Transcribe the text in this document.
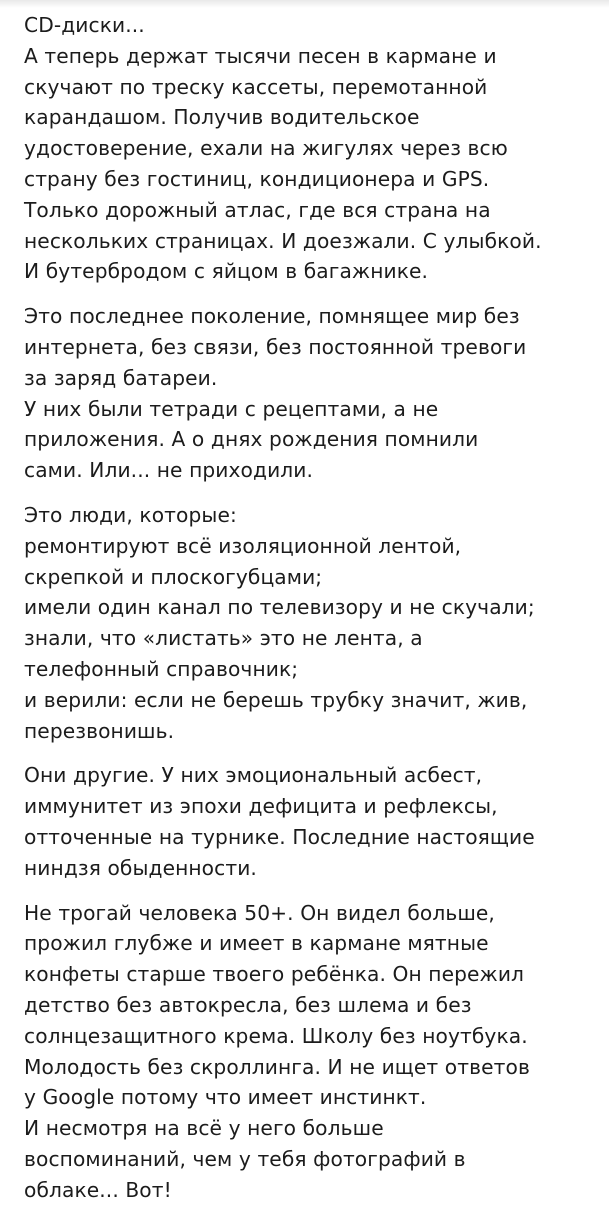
CD-диски...
А теперь держат тысячи песен в кармане и
скучают по треску кассеты, перемотанной
карандашом. Получив водительское
удостоверение, ехали на жигулях через всю
страну без гостиниц, кондиционера и GPS.
Только дорожный атлас, где вся страна на
нескольких страницах. И доезжали. С улыбкой.
И бутербродом с яйцом в багажнике.
Это последнее поколение, помнящее мир без
интернета, без связи, без постоянной тревоги
за заряд батареи.
У них были тетради с рецептами, а не
приложения. А о днях рождения помнили
сами. Или... не приходили.
Это люди, которые:
ремонтируют всё изоляционной лентой,
скрепкой и плоскогубцами;
имели один канал по телевизору и не скучали;
знали, что «листать» это не лента, а
телефонный справочник;
и верили: если не берешь трубку значит, жив,
перезвонишь.
Они другие. У них эмоциональный асбест,
иммунитет из эпохи дефицита и рефлексы,
отточенные на турнике. Последние настоящие
ниндзя обыденности.
Не трогай человека 50+. Он видел больше,
прожил глубже и имеет в кармане мятные
конфеты старше твоего ребёнка. Он пережил
детство без автокресла, без шлема и без
солнцезащитного крема. Школу без ноутбука.
Молодость без скроллинга. И не ищет ответов
у Google потому что имеет инстинкт.
И несмотря на всё у него больше
воспоминаний, чем у тебя фотографий в
облаке... Вот!
